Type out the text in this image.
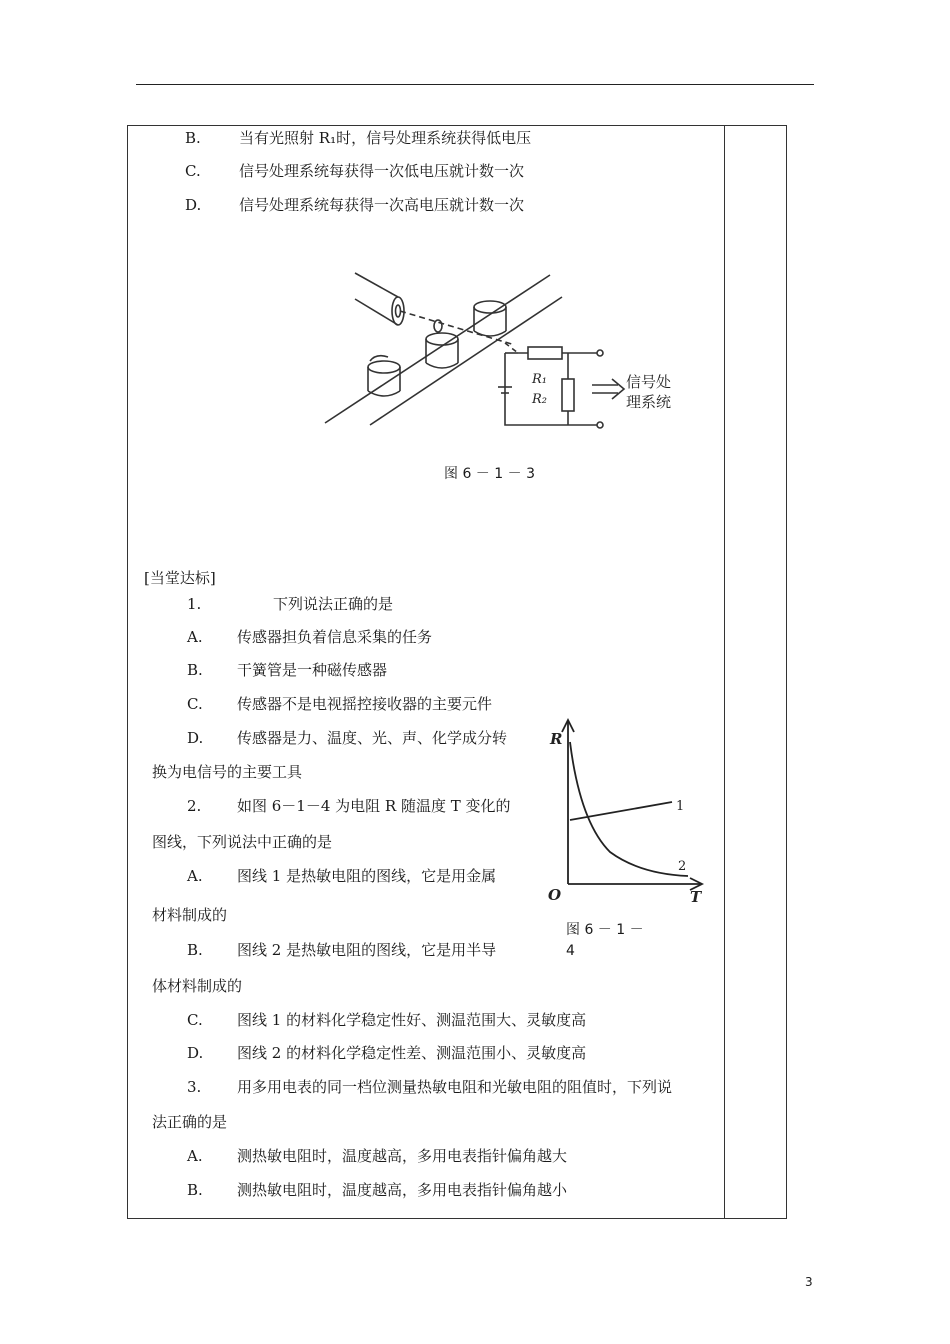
B.	当有光照射 R₁时，信号处理系统获得低电压
C.	信号处理系统每获得一次低电压就计数一次
D.	信号处理系统每获得一次高电压就计数一次
R₁
R₂
信号处
理系统
图 6 － 1 － 3
[当堂达标]
1.	下列说法正确的是
A. 传感器担负着信息采集的任务
B. 干簧管是一种磁传感器
C. 传感器不是电视摇控接收器的主要元件
D. 传感器是力、温度、光、声、化学成分转
换为电信号的主要工具
2. 如图 6－1－4 为电阻 R 随温度 T 变化的
图线，下列说法中正确的是
A. 图线 1 是热敏电阻的图线，它是用金属
材料制成的
B. 图线 2 是热敏电阻的图线，它是用半导
体材料制成的
C. 图线 1 的材料化学稳定性好、测温范围大、灵敏度高
D. 图线 2 的材料化学稳定性差、测温范围小、灵敏度高
R
T
O
1
2
图 6 － 1 －
4
3. 用多用电表的同一档位测量热敏电阻和光敏电阻的阻值时，下列说
法正确的是
A. 测热敏电阻时，温度越高，多用电表指针偏角越大
B. 测热敏电阻时，温度越高，多用电表指针偏角越小
3
